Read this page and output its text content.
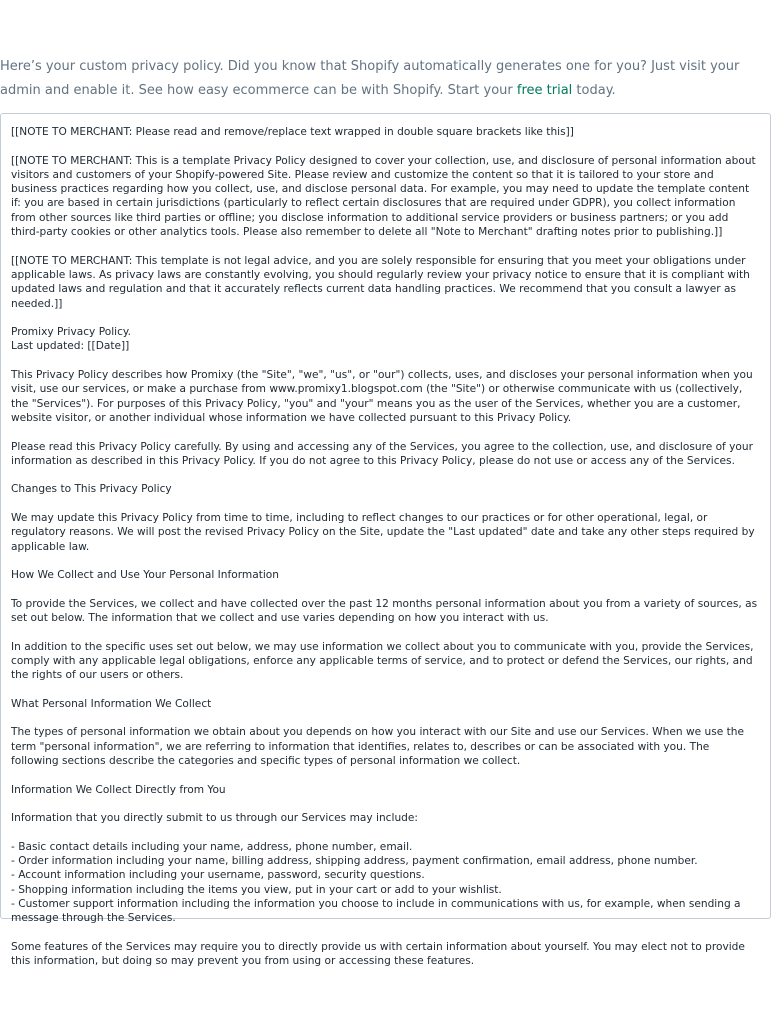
Here’s your custom privacy policy. Did you know that Shopify automatically generates one for you? Just visit your admin and enable it. See how easy ecommerce can be with Shopify. Start your free trial today.

[[NOTE TO MERCHANT: Please read and remove/replace text wrapped in double square brackets like this]]

[[NOTE TO MERCHANT: This is a template Privacy Policy designed to cover your collection, use, and disclosure of personal information about visitors and customers of your Shopify-powered Site. Please review and customize the content so that it is tailored to your store and business practices regarding how you collect, use, and disclose personal data. For example, you may need to update the template content if: you are based in certain jurisdictions (particularly to reflect certain disclosures that are required under GDPR), you collect information from other sources like third parties or offline; you disclose information to additional service providers or business partners; or you add third-party cookies or other analytics tools. Please also remember to delete all "Note to Merchant" drafting notes prior to publishing.]]

[[NOTE TO MERCHANT: This template is not legal advice, and you are solely responsible for ensuring that you meet your obligations under applicable laws. As privacy laws are constantly evolving, you should regularly review your privacy notice to ensure that it is compliant with updated laws and regulation and that it accurately reflects current data handling practices. We recommend that you consult a lawyer as needed.]]

Promixy Privacy Policy.

Last updated: [[Date]]

This Privacy Policy describes how Promixy (the "Site", "we", "us", or "our") collects, uses, and discloses your personal information when you visit, use our services, or make a purchase from www.promixy1.blogspot.com (the "Site") or otherwise communicate with us (collectively, the "Services"). For purposes of this Privacy Policy, "you" and "your" means you as the user of the Services, whether you are a customer, website visitor, or another individual whose information we have collected pursuant to this Privacy Policy.

Please read this Privacy Policy carefully. By using and accessing any of the Services, you agree to the collection, use, and disclosure of your information as described in this Privacy Policy. If you do not agree to this Privacy Policy, please do not use or access any of the Services.

Changes to This Privacy Policy

We may update this Privacy Policy from time to time, including to reflect changes to our practices or for other operational, legal, or regulatory reasons. We will post the revised Privacy Policy on the Site, update the "Last updated" date and take any other steps required by applicable law.

How We Collect and Use Your Personal Information

To provide the Services, we collect and have collected over the past 12 months personal information about you from a variety of sources, as set out below. The information that we collect and use varies depending on how you interact with us.

In addition to the specific uses set out below, we may use information we collect about you to communicate with you, provide the Services, comply with any applicable legal obligations, enforce any applicable terms of service, and to protect or defend the Services, our rights, and the rights of our users or others.

What Personal Information We Collect

The types of personal information we obtain about you depends on how you interact with our Site and use our Services. When we use the term "personal information", we are referring to information that identifies, relates to, describes or can be associated with you. The following sections describe the categories and specific types of personal information we collect.

Information We Collect Directly from You

Information that you directly submit to us through our Services may include:

- Basic contact details including your name, address, phone number, email.
- Order information including your name, billing address, shipping address, payment confirmation, email address, phone number.
- Account information including your username, password, security questions.
- Shopping information including the items you view, put in your cart or add to your wishlist.
- Customer support information including the information you choose to include in communications with us, for example, when sending a message through the Services.

Some features of the Services may require you to directly provide us with certain information about yourself. You may elect not to provide this information, but doing so may prevent you from using or accessing these features.
